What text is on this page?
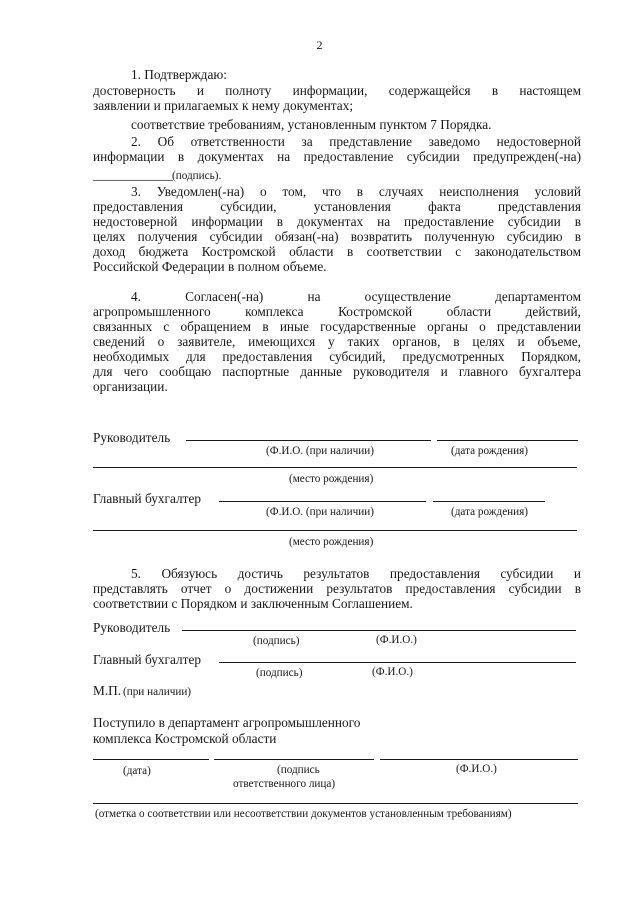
2
1. Подтверждаю:
достоверность и полноту информации, содержащейся в настоящем
заявлении и прилагаемых к нему документах;
соответствие требованиям, установленным пунктом 7 Порядка.
2. Об ответственности за представление заведомо недостоверной
информации в документах на предоставление субсидии предупрежден(-на)
____________ (подпись).
3. Уведомлен(-на) о том, что в случаях неисполнения условий
предоставления субсидии, установления факта представления
недостоверной информации в документах на предоставление субсидии в
целях получения субсидии обязан(-на) возвратить полученную субсидию в
доход бюджета Костромской области в соответствии с законодательством
Российской Федерации в полном объеме.
4. Согласен(-на) на осуществление департаментом
агропромышленного комплекса Костромской области действий,
связанных с обращением в иные государственные органы о представлении
сведений о заявителе, имеющихся у таких органов, в целях и объеме,
необходимых для предоставления субсидий, предусмотренных Порядком,
для чего сообщаю паспортные данные руководителя и главного бухгалтера
организации.
Руководитель
(Ф.И.О. (при наличии)	(дата рождения)
(место рождения)
Главный бухгалтер
(Ф.И.О. (при наличии)	(дата рождения)
(место рождения)
5. Обязуюсь достичь результатов предоставления субсидии и
представлять отчет о достижении результатов предоставления субсидии в
соответствии с Порядком и заключенным Соглашением.
Руководитель
(подпись)	(Ф.И.О.)
Главный бухгалтер
(подпись)	(Ф.И.О.)
М.П. (при наличии)
Поступило в департамент агропромышленного
комплекса Костромской области
(дата)	(подпись
ответственного лица)
(Ф.И.О.)
(отметка о соответствии или несоответствии документов установленным требованиям)
